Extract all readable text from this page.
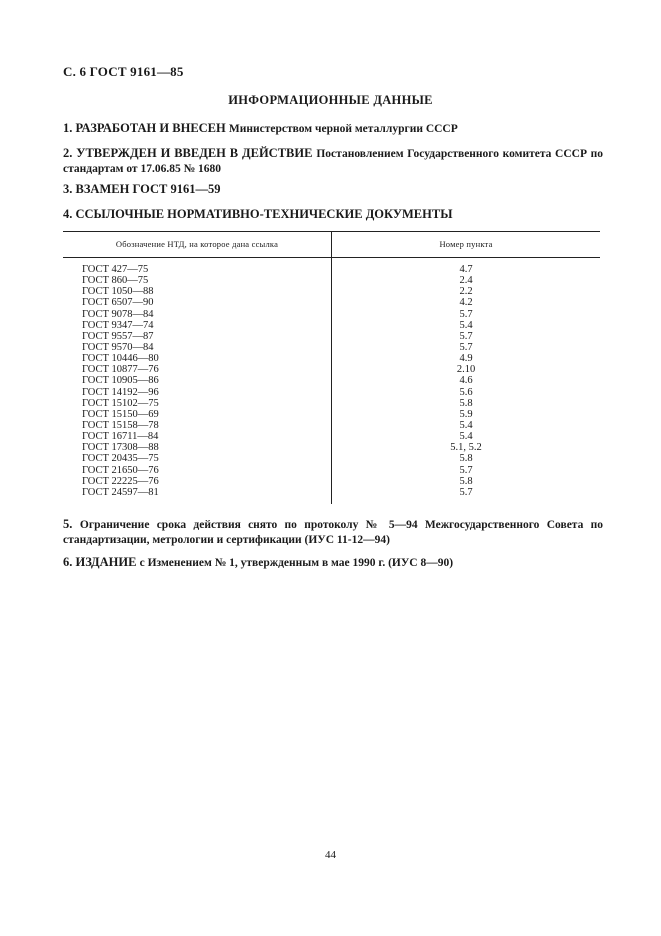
С. 6 ГОСТ 9161—85
ИНФОРМАЦИОННЫЕ ДАННЫЕ
1. РАЗРАБОТАН И ВНЕСЕН Министерством черной металлургии СССР
2. УТВЕРЖДЕН И ВВЕДЕН В ДЕЙСТВИЕ Постановлением Государственного комитета СССР по стандартам от 17.06.85 № 1680
3. ВЗАМЕН ГОСТ 9161—59
4. ССЫЛОЧНЫЕ НОРМАТИВНО-ТЕХНИЧЕСКИЕ ДОКУМЕНТЫ
Обозначение НТД, на которое дана ссылка	Номер пункта
ГОСТ 427—75	4.7
ГОСТ 860—75	2.4
ГОСТ 1050—88	2.2
ГОСТ 6507—90	4.2
ГОСТ 9078—84	5.7
ГОСТ 9347—74	5.4
ГОСТ 9557—87	5.7
ГОСТ 9570—84	5.7
ГОСТ 10446—80	4.9
ГОСТ 10877—76	2.10
ГОСТ 10905—86	4.6
ГОСТ 14192—96	5.6
ГОСТ 15102—75	5.8
ГОСТ 15150—69	5.9
ГОСТ 15158—78	5.4
ГОСТ 16711—84	5.4
ГОСТ 17308—88	5.1, 5.2
ГОСТ 20435—75	5.8
ГОСТ 21650—76	5.7
ГОСТ 22225—76	5.8
ГОСТ 24597—81	5.7
5. Ограничение срока действия снято по протоколу № 5—94 Межгосударственного Совета по стандартизации, метрологии и сертификации (ИУС 11-12—94)
6. ИЗДАНИЕ с Изменением № 1, утвержденным в мае 1990 г. (ИУС 8—90)
44
